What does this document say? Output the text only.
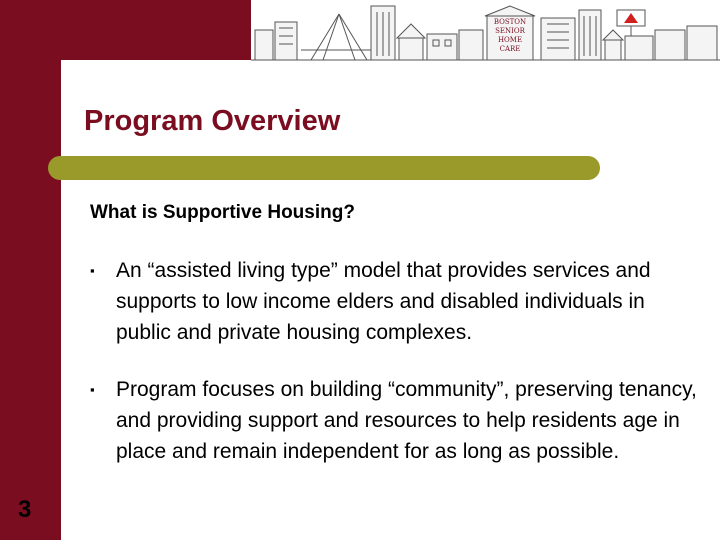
BOSTON
SENIOR
HOME
CARE
Program Overview
What is Supportive Housing?
▪ An “assisted living type” model that provides services and supports to low income elders and disabled individuals in public and private housing complexes.
▪ Program focuses on building “community”, preserving tenancy, and providing support and resources to help residents age in place and remain independent for as long as possible.
3
